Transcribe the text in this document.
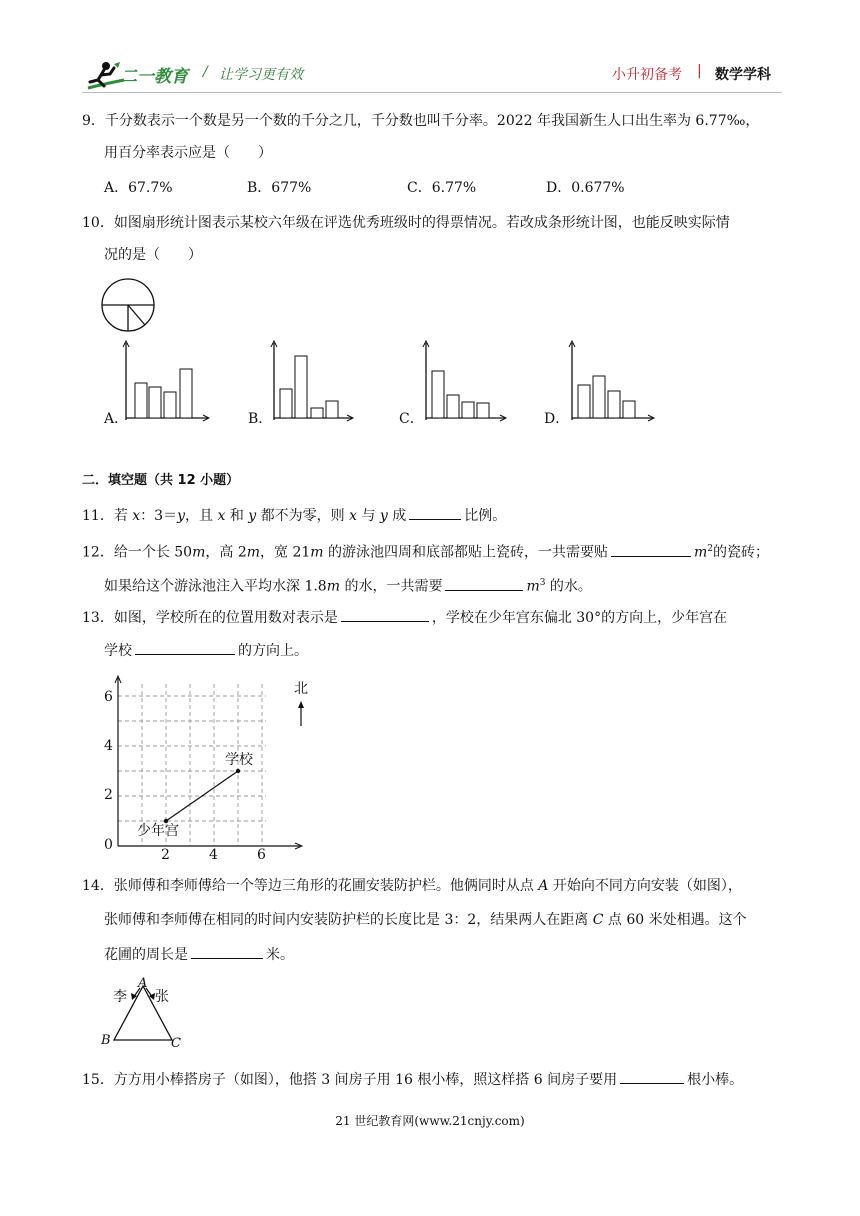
二一教育 / 让学习更有效	小升初备考 | 数学学科
9．千分数表示一个数是另一个数的千分之几，千分数也叫千分率。2022 年我国新生人口出生率为 6.77‰，
用百分率表示应是（　　）
A．67.7%	B．677%	C．6.77%	D．0.677%
10．如图扇形统计图表示某校六年级在评选优秀班级时的得票情况。若改成条形统计图，也能反映实际情
况的是（　　）
A．	B．	C．	D．
二．填空题（共 12 小题）
11．若 x：3＝y，且 x 和 y 都不为零，则 x 与 y 成	比例。
12．给一个长 50m，高 2m，宽 21m 的游泳池四周和底部都贴上瓷砖，一共需要贴	$m^2$的瓷砖；
如果给这个游泳池注入平均水深 1.8m 的水，一共需要	$m^3$ 的水。
13．如图，学校所在的位置用数对表示是	，学校在少年宫东偏北 30°的方向上，少年宫在
学校	的方向上。
6
4
2
0
2	4	6
北
学校
少年宫
14．张师傅和李师傅给一个等边三角形的花圃安装防护栏。他俩同时从点 A 开始向不同方向安装（如图），
张师傅和李师傅在相同的时间内安装防护栏的长度比是 3：2，结果两人在距离 C 点 60 米处相遇。这个
花圃的周长是	米。
李
A
张
B	C
15．方方用小棒搭房子（如图），他搭 3 间房子用 16 根小棒，照这样搭 6 间房子要用	根小棒。
21 世纪教育网(www.21cnjy.com)
